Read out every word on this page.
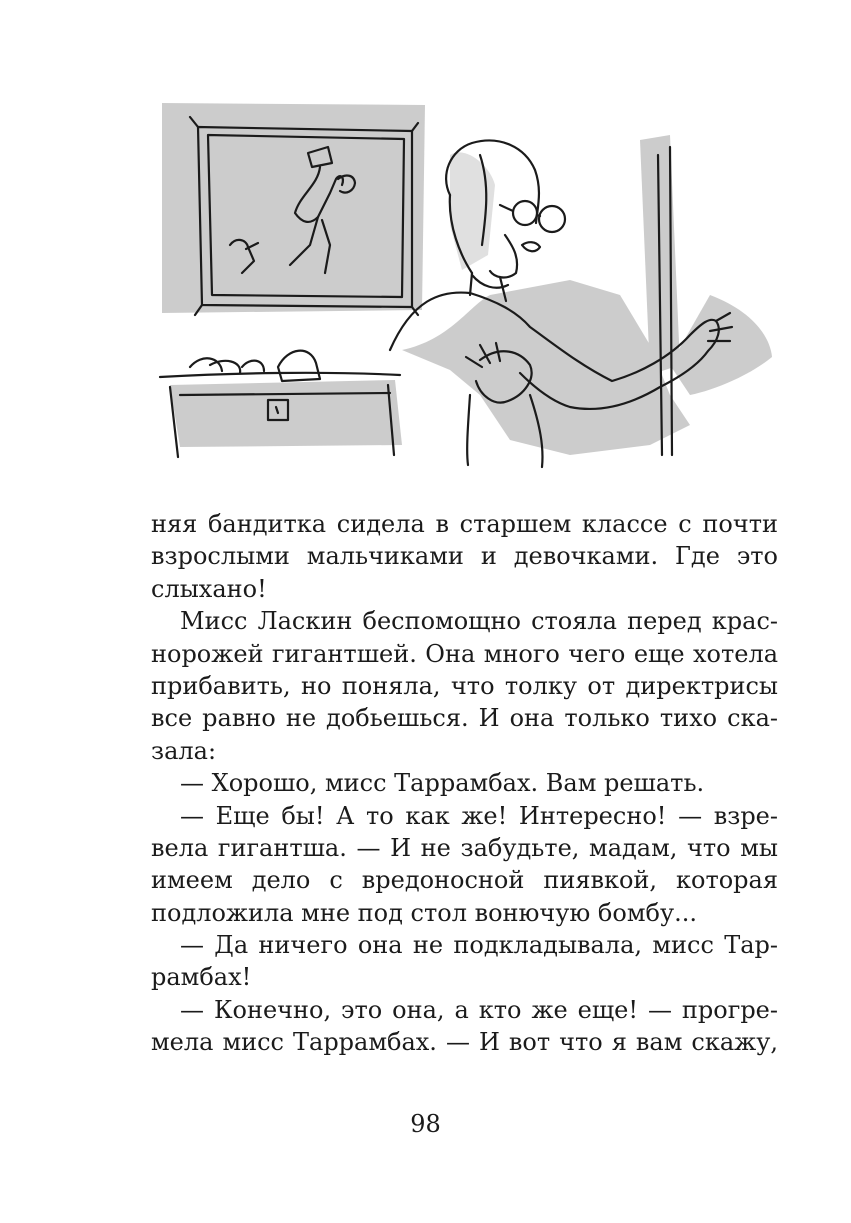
няя бандитка сидела в старшем классе с почти
взрослыми мальчиками и девочками. Где это
слыхано!
Мисс Ласкин беспомощно стояла перед крас-
норожей гигантшей. Она много чего еще хотела
прибавить, но поняла, что толку от директрисы
все равно не добьешься. И она только тихо ска-
зала:
— Хорошо, мисс Таррамбах. Вам решать.
— Еще бы! А то как же! Интересно! — взре-
вела гигантша. — И не забудьте, мадам, что мы
имеем дело с вредоносной пиявкой, которая
подложила мне под стол вонючую бомбу...
— Да ничего она не подкладывала, мисс Тар-
рамбах!
— Конечно, это она, а кто же еще! — прогре-
мела мисс Таррамбах. — И вот что я вам скажу,
98
